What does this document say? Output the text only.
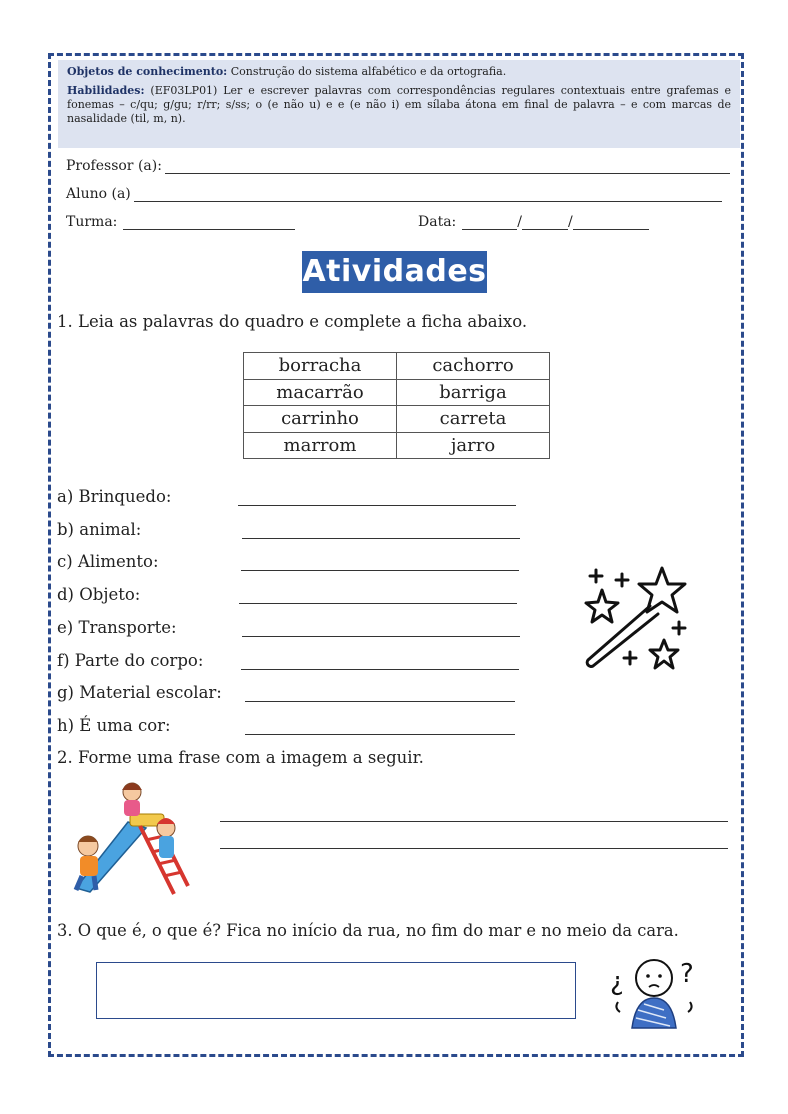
Objetos de conhecimento: Construção do sistema alfabético e da ortografia.

Habilidades: (EF03LP01) Ler e escrever palavras com correspondências regulares contextuais entre grafemas e fonemas – c/qu; g/gu; r/rr; s/ss; o (e não u) e e (e não i) em sílaba átona em final de palavra – e com marcas de nasalidade (til, m, n).

Professor (a):
Aluno (a)
Turma:	Data:	/	/
Atividades
1. Leia as palavras do quadro e complete a ficha abaixo.
borracha	cachorro
macarrão	barriga
carrinho	carreta
marrom	jarro
a) Brinquedo:
b) animal:
c) Alimento:
d) Objeto:
e) Transporte:
f) Parte do corpo:
g) Material escolar:
h) É uma cor:
2. Forme uma frase com a imagem a seguir.
3. O que é, o que é? Fica no início da rua, no fim do mar e no meio da cara.
¿ ?
